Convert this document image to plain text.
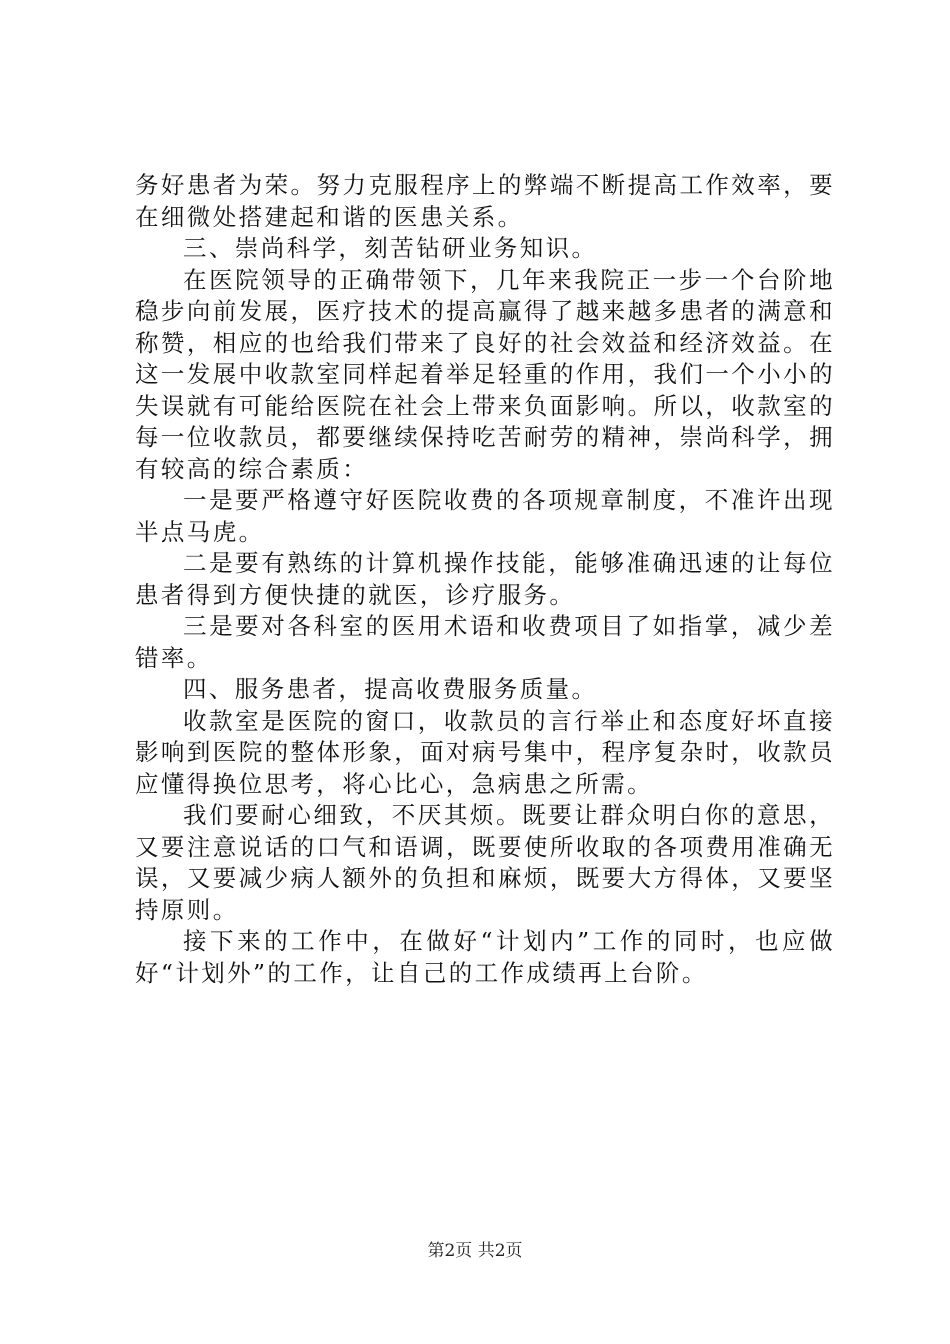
务好患者为荣。努力克服程序上的弊端不断提高工作效率，要在细微处搭建起和谐的医患关系。

三、崇尚科学，刻苦钻研业务知识。

在医院领导的正确带领下，几年来我院正一步一个台阶地稳步向前发展，医疗技术的提高赢得了越来越多患者的满意和称赞，相应的也给我们带来了良好的社会效益和经济效益。在这一发展中收款室同样起着举足轻重的作用，我们一个小小的失误就有可能给医院在社会上带来负面影响。所以，收款室的每一位收款员，都要继续保持吃苦耐劳的精神，崇尚科学，拥有较高的综合素质：

一是要严格遵守好医院收费的各项规章制度，不准许出现半点马虎。

二是要有熟练的计算机操作技能，能够准确迅速的让每位患者得到方便快捷的就医，诊疗服务。

三是要对各科室的医用术语和收费项目了如指掌，减少差错率。

四、服务患者，提高收费服务质量。

收款室是医院的窗口，收款员的言行举止和态度好坏直接影响到医院的整体形象，面对病号集中，程序复杂时，收款员应懂得换位思考，将心比心，急病患之所需。

我们要耐心细致，不厌其烦。既要让群众明白你的意思，又要注意说话的口气和语调，既要使所收取的各项费用准确无误，又要减少病人额外的负担和麻烦，既要大方得体，又要坚持原则。

接下来的工作中，在做好“计划内”工作的同时，也应做好“计划外”的工作，让自己的工作成绩再上台阶。

第2页 共2页
